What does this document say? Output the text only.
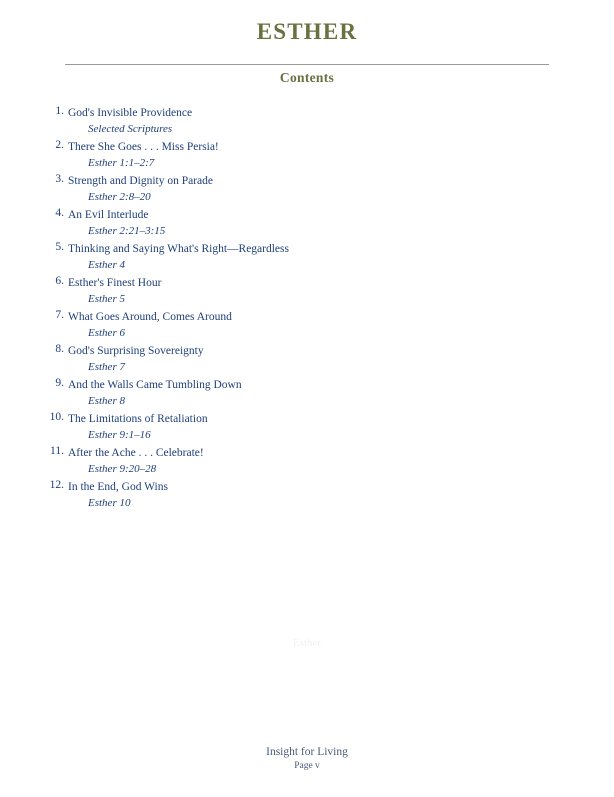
ESTHER
Contents
1. God's Invisible Providence
Selected Scriptures
2. There She Goes . . . Miss Persia!
Esther 1:1–2:7
3. Strength and Dignity on Parade
Esther 2:8–20
4. An Evil Interlude
Esther 2:21–3:15
5. Thinking and Saying What's Right—Regardless
Esther 4
6. Esther's Finest Hour
Esther 5
7. What Goes Around, Comes Around
Esther 6
8. God's Surprising Sovereignty
Esther 7
9. And the Walls Came Tumbling Down
Esther 8
10. The Limitations of Retaliation
Esther 9:1–16
11. After the Ache . . . Celebrate!
Esther 9:20–28
12. In the End, God Wins
Esther 10
Esther
Insight for Living
Page v
